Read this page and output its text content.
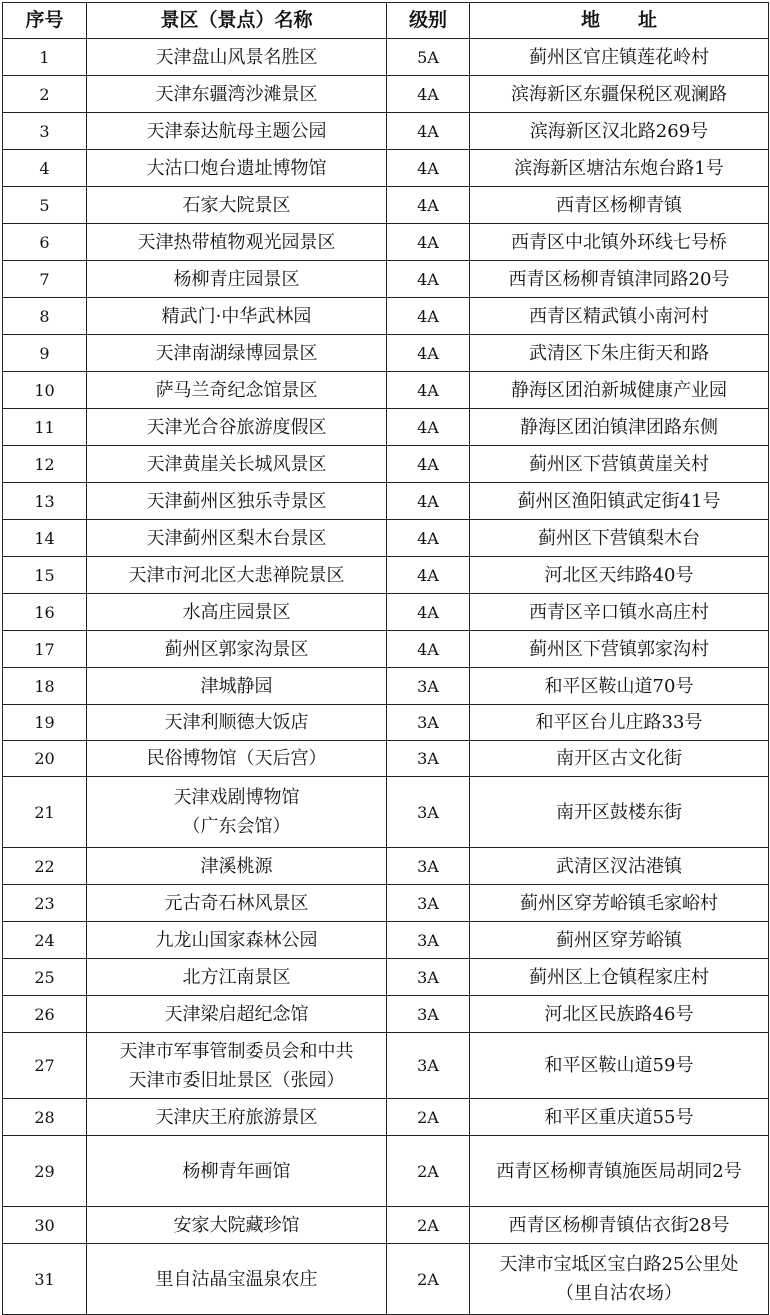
序号	景区（景点）名称	级别	地　　址
1	天津盘山风景名胜区	5A	蓟州区官庄镇莲花岭村

2	天津东疆湾沙滩景区	4A	滨海新区东疆保税区观澜路

3	天津泰达航母主题公园	4A	滨海新区汉北路269号

4	大沽口炮台遗址博物馆	4A	滨海新区塘沽东炮台路1号

5	石家大院景区	4A	西青区杨柳青镇

6	天津热带植物观光园景区	4A	西青区中北镇外环线七号桥

7	杨柳青庄园景区	4A	西青区杨柳青镇津同路20号

8	精武门·中华武林园	4A	西青区精武镇小南河村

9	天津南湖绿博园景区	4A	武清区下朱庄街天和路

10	萨马兰奇纪念馆景区	4A	静海区团泊新城健康产业园

11	天津光合谷旅游度假区	4A	静海区团泊镇津团路东侧

12	天津黄崖关长城风景区	4A	蓟州区下营镇黄崖关村

13	天津蓟州区独乐寺景区	4A	蓟州区渔阳镇武定街41号

14	天津蓟州区梨木台景区	4A	蓟州区下营镇梨木台

15	天津市河北区大悲禅院景区	4A	河北区天纬路40号

16	水高庄园景区	4A	西青区辛口镇水高庄村

17	蓟州区郭家沟景区	4A	蓟州区下营镇郭家沟村

18	津城静园	3A	和平区鞍山道70号

19	天津利顺德大饭店	3A	和平区台儿庄路33号

20	民俗博物馆（天后宫）	3A	南开区古文化街

21	天津戏剧博物馆
（广东会馆）	3A	南开区鼓楼东街

22	津溪桃源	3A	武清区汊沽港镇

23	元古奇石林风景区	3A	蓟州区穿芳峪镇毛家峪村

24	九龙山国家森林公园	3A	蓟州区穿芳峪镇

25	北方江南景区	3A	蓟州区上仓镇程家庄村

26	天津梁启超纪念馆	3A	河北区民族路46号

27	天津市军事管制委员会和中共
天津市委旧址景区（张园）	3A	和平区鞍山道59号

28	天津庆王府旅游景区	2A	和平区重庆道55号

29	杨柳青年画馆	2A	西青区杨柳青镇施医局胡同2号

30	安家大院藏珍馆	2A	西青区杨柳青镇估衣街28号

31	里自沽晶宝温泉农庄	2A	天津市宝坻区宝白路25公里处
（里自沽农场）
